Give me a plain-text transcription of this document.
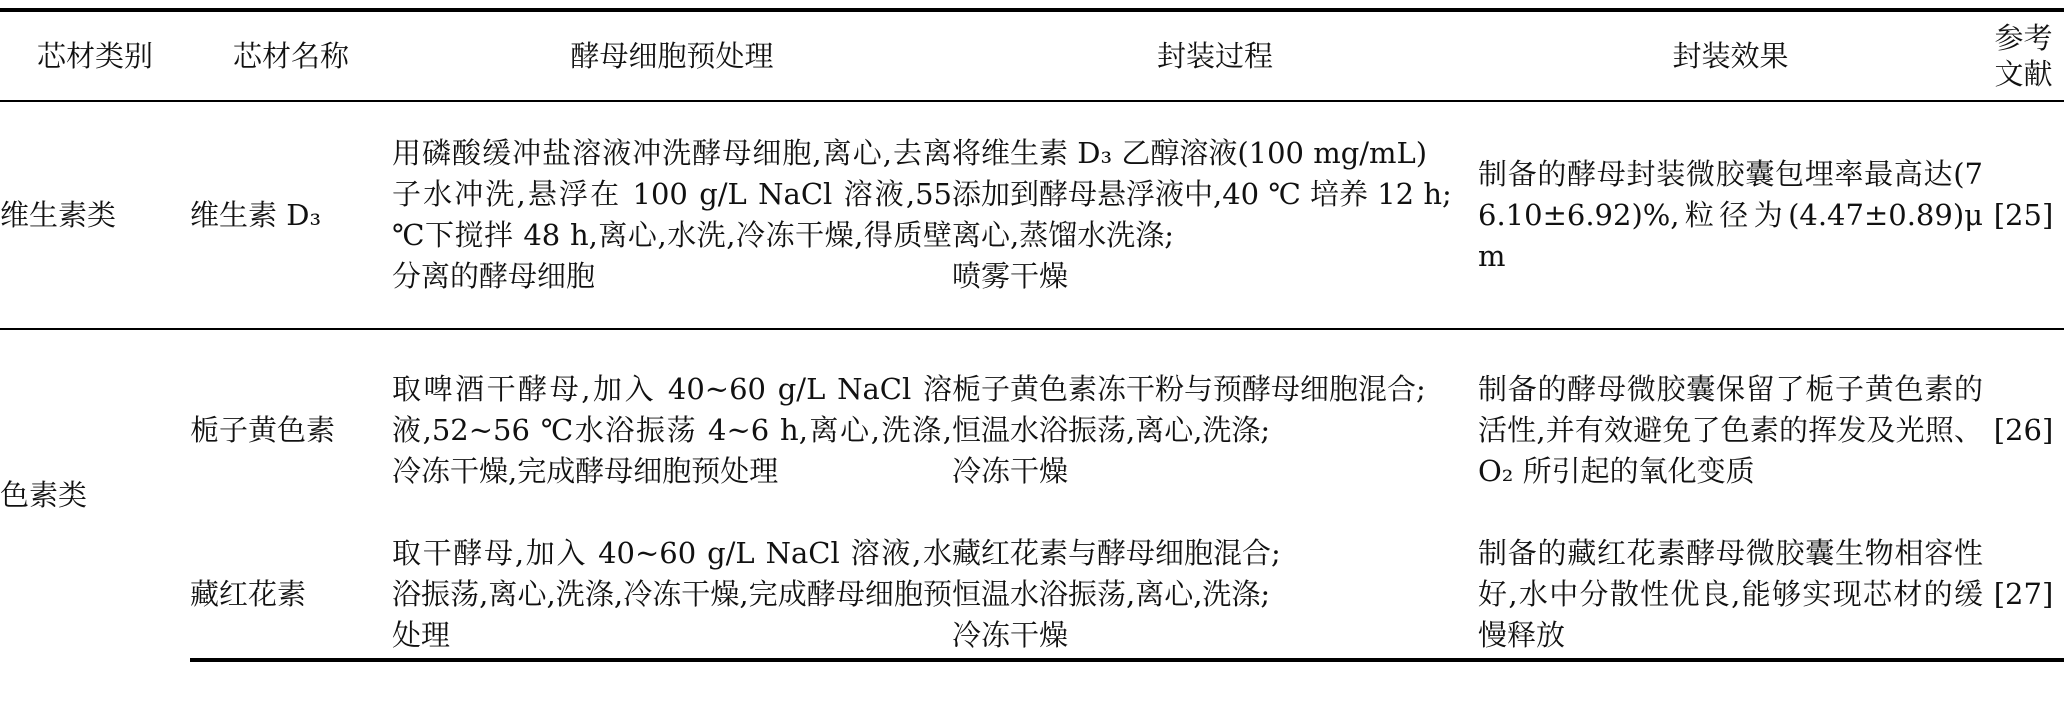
芯材类别	芯材名称	酵母细胞预处理	封装过程	封装效果	参考
文献

维生素类	维生素 D₃	用磷酸缓冲盐溶液冲洗酵母细胞,离心,去离子水冲洗,悬浮在 100 g/L NaCl 溶液,55 ℃下搅拌 48 h,离心,水洗,冷冻干燥,得质壁分离的酵母细胞	将维生素 D₃ 乙醇溶液(100 mg/mL)
添加到酵母悬浮液中,40 ℃ 培养 12 h;
离心,蒸馏水洗涤;
喷雾干燥	制备的酵母封装微胶囊包埋率最高达(76.10±6.92)%,粒径为(4.47±0.89)μm	[25]
色素类	栀子黄色素	取啤酒干酵母,加入 40~60 g/L NaCl 溶液,52~56 ℃水浴振荡 4~6 h,离心,洗涤,冷冻干燥,完成酵母细胞预处理	栀子黄色素冻干粉与预酵母细胞混合;
恒温水浴振荡,离心,洗涤;
冷冻干燥	制备的酵母微胶囊保留了栀子黄色素的活性,并有效避免了色素的挥发及光照、O₂ 所引起的氧化变质	[26]
	藏红花素	取干酵母,加入 40~60 g/L NaCl 溶液,水浴振荡,离心,洗涤,冷冻干燥,完成酵母细胞预处理	藏红花素与酵母细胞混合;
恒温水浴振荡,离心,洗涤;
冷冻干燥	制备的藏红花素酵母微胶囊生物相容性好,水中分散性优良,能够实现芯材的缓慢释放	[27]
